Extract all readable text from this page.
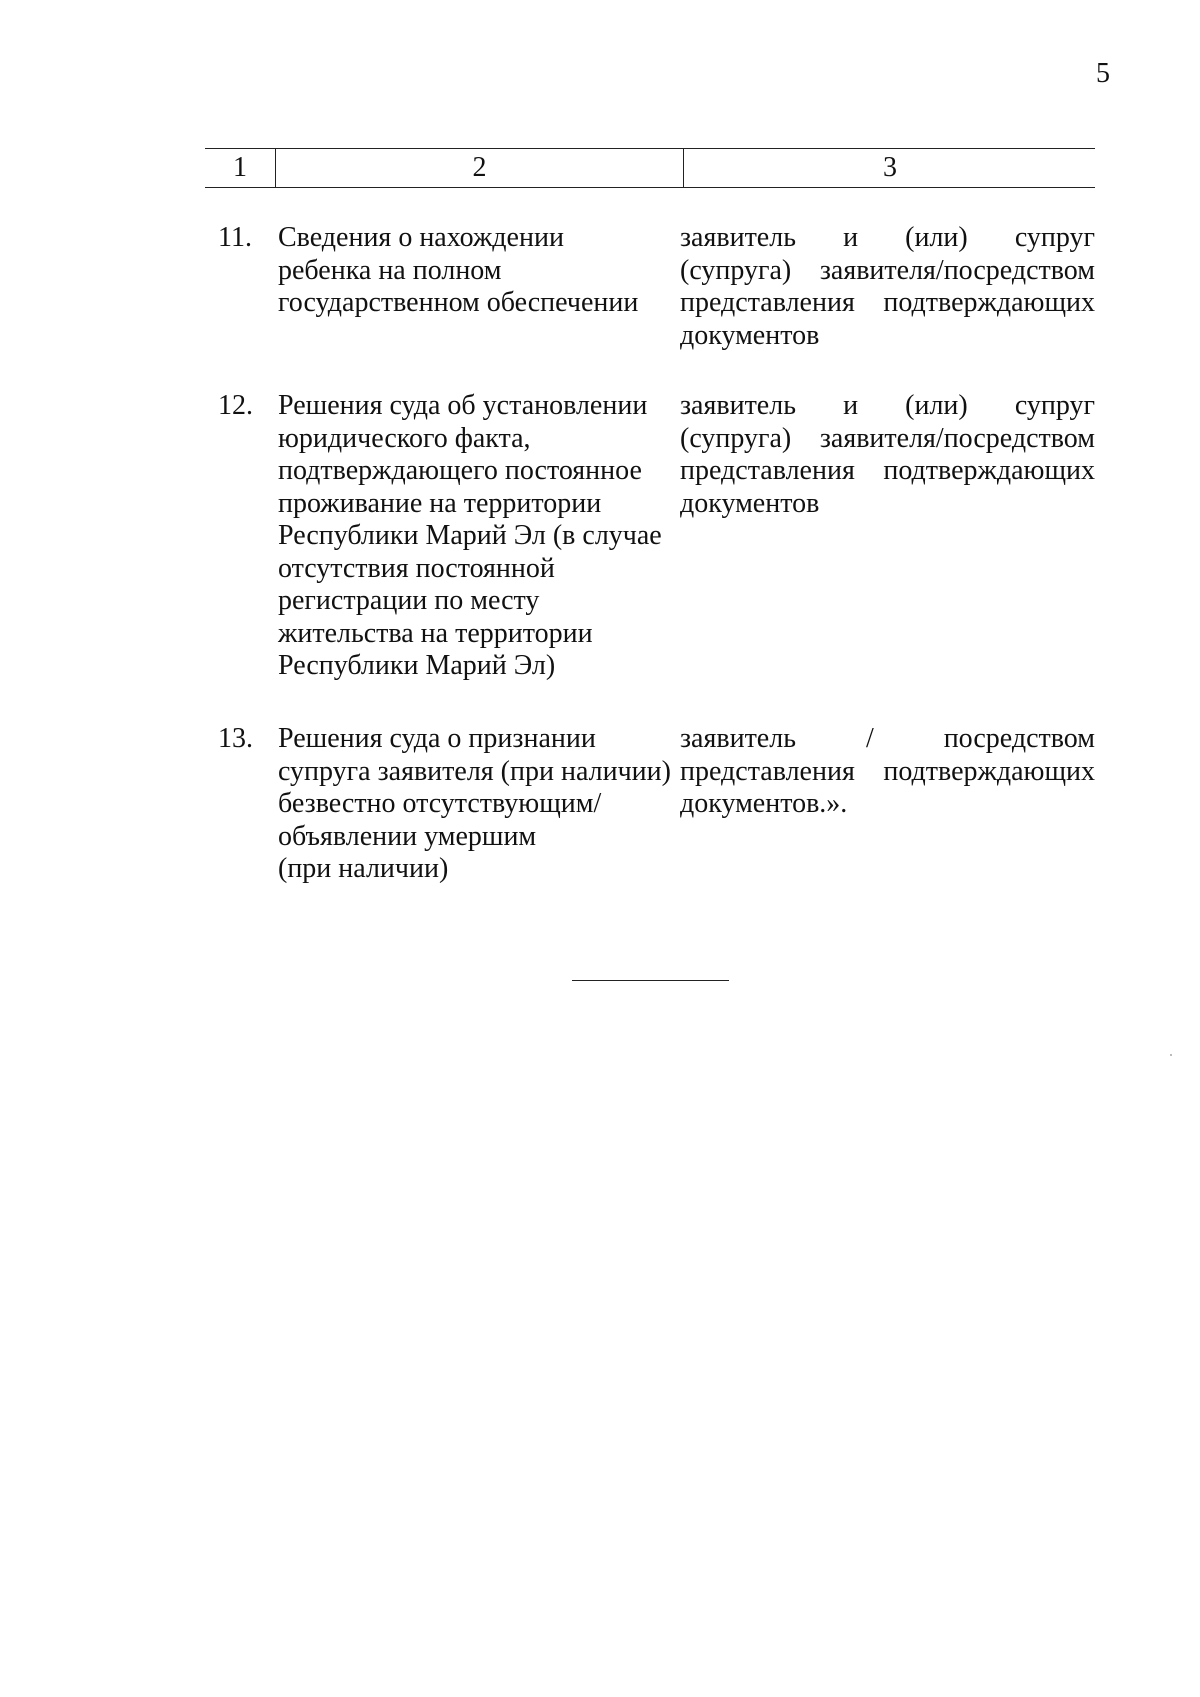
5
1	2	3
11. Сведения о нахождении
ребенка на полном
государственном обеспечении
заявитель и (или) супруг
(супруга) заявителя/посредством
представления подтверждающих
документов
12. Решения суда об установлении
юридического факта,
подтверждающего постоянное
проживание на территории
Республики Марий Эл (в случае
отсутствия постоянной
регистрации по месту
жительства на территории
Республики Марий Эл)
заявитель и (или) супруг
(супруга) заявителя/посредством
представления подтверждающих
документов
13. Решения суда о признании
супруга заявителя (при наличии)
безвестно отсутствующим/
объявлении умершим
(при наличии)
заявитель / посредством
представления подтверждающих
документов.».
